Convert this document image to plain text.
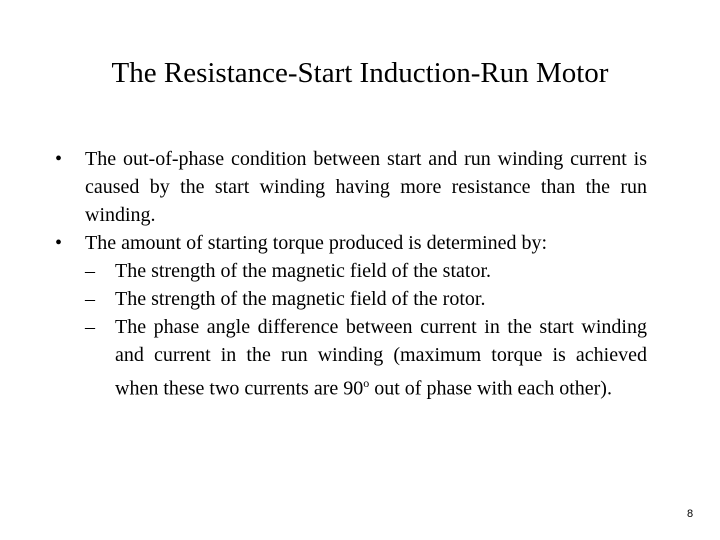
The Resistance-Start Induction-Run Motor
• The out-of-phase condition between start and run winding current is caused by the start winding having more resistance than the run winding.
• The amount of starting torque produced is determined by:
– The strength of the magnetic field of the stator.
– The strength of the magnetic field of the rotor.
– The phase angle difference between current in the start winding and current in the run winding (maximum torque is achieved when these two currents are 90$^o$ out of phase with each other).
8
